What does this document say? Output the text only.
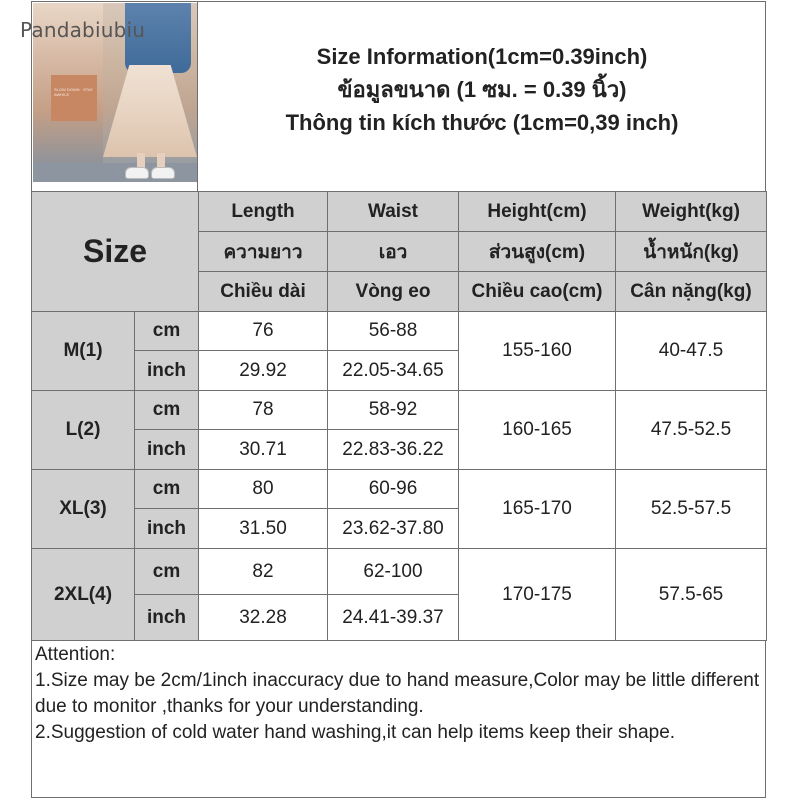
Pandabiubiu
SLOW DOWN · STAY AWHILE
Size Information(1cm=0.39inch)
ข้อมูลขนาด (1 ซม. = 0.39 นิ้ว)
Thông tin kích thước (1cm=0,39 inch)
Size		Length	Waist	Height(cm)	Weight(kg)
		ความยาว	เอว	ส่วนสูง(cm)	น้ำหนัก(kg)
		Chiều dài	Vòng eo	Chiều cao(cm)	Cân nặng(kg)
M(1)	cm	76	56-88	155-160	40-47.5
	inch	29.92	22.05-34.65		
L(2)	cm	78	58-92	160-165	47.5-52.5
	inch	30.71	22.83-36.22		
XL(3)	cm	80	60-96	165-170	52.5-57.5
	inch	31.50	23.62-37.80		
2XL(4)	cm	82	62-100	170-175	57.5-65
	inch	32.28	24.41-39.37		
Attention:
1.Size may be 2cm/1inch inaccuracy due to hand measure,Color may be little different due to monitor ,thanks for your understanding.
2.Suggestion of cold water hand washing,it can help items keep their shape.
